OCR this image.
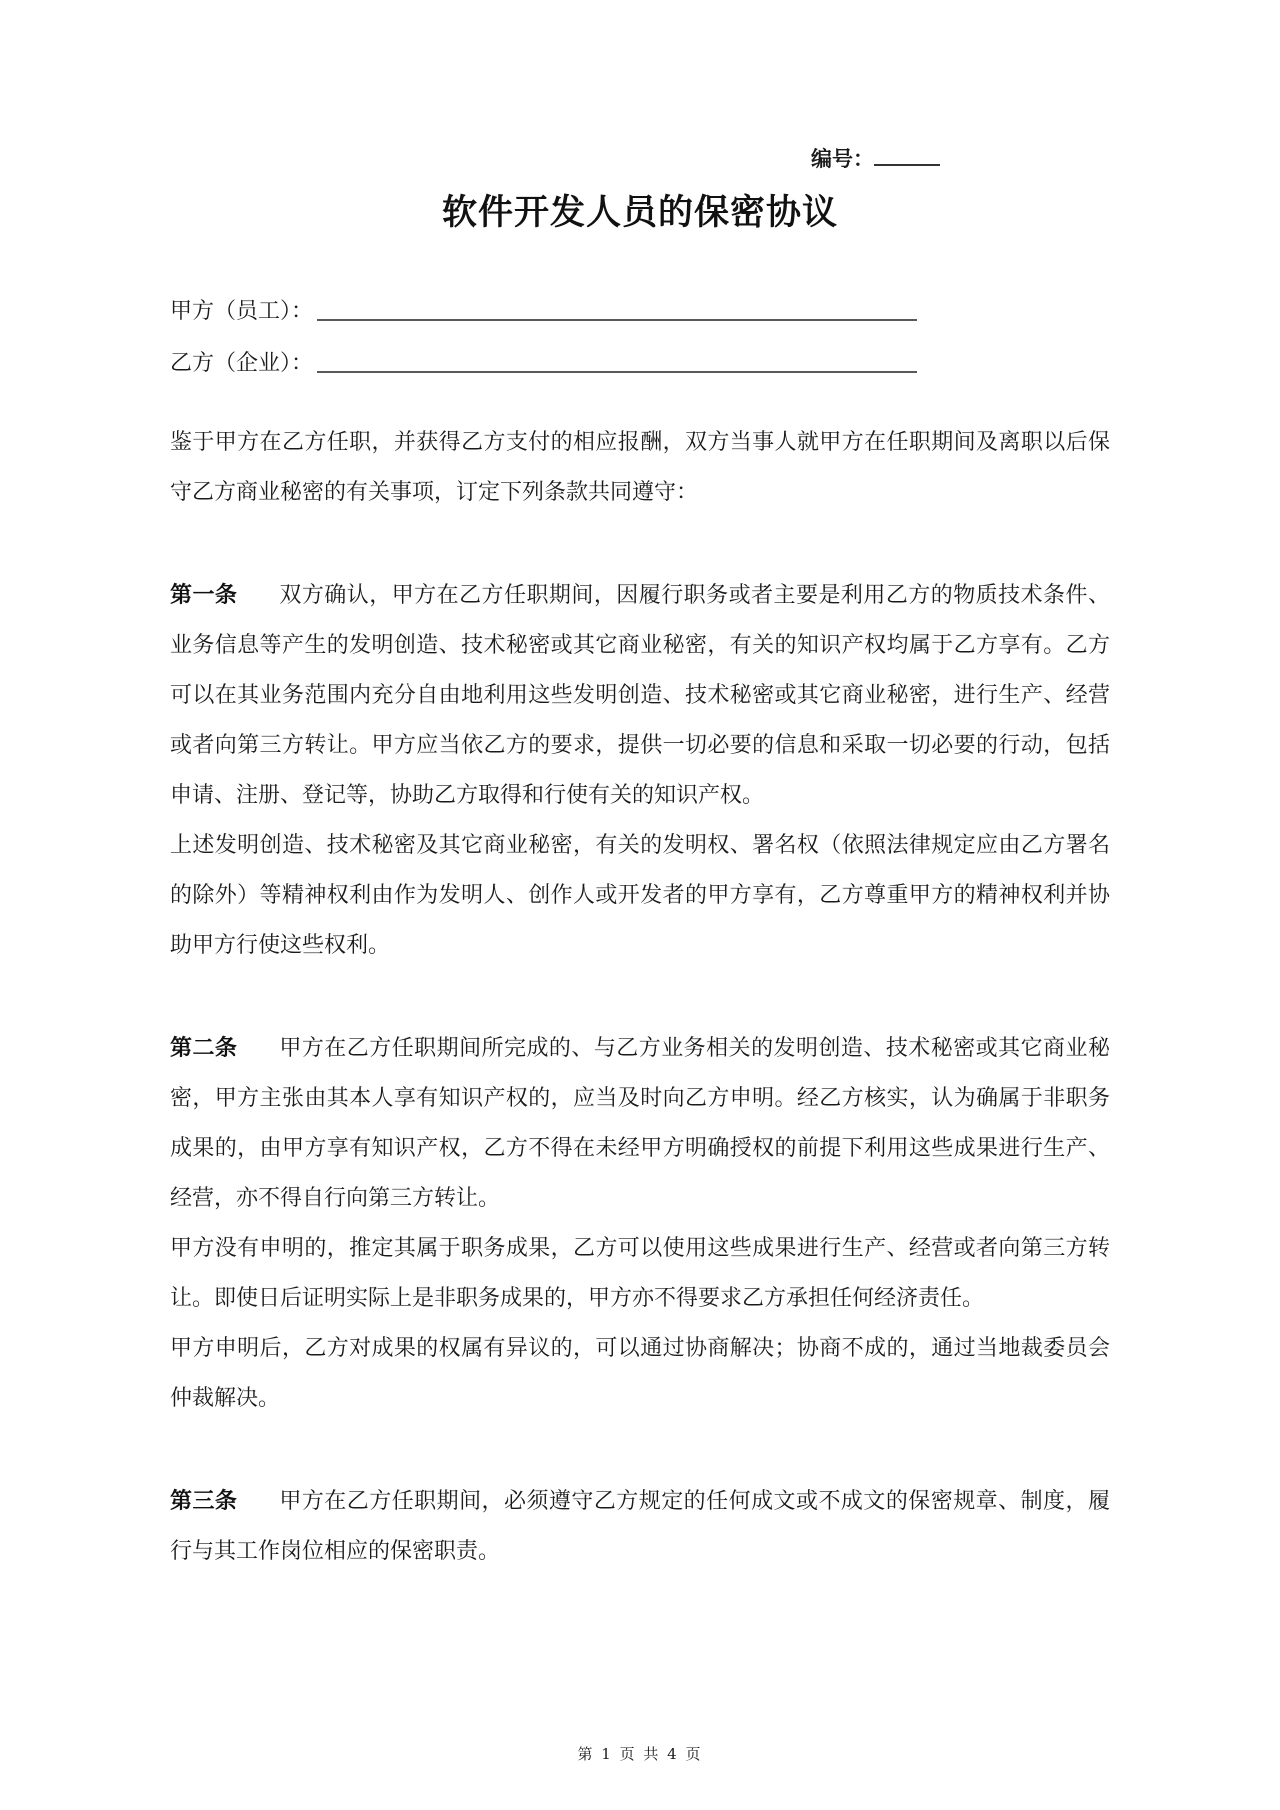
编号：
软件开发人员的保密协议
甲方（员工）：
乙方（企业）：

鉴于甲方在乙方任职，并获得乙方支付的相应报酬，双方当事人就甲方在任职期间及离职以后保守乙方商业秘密的有关事项，订定下列条款共同遵守：

第一条 双方确认，甲方在乙方任职期间，因履行职务或者主要是利用乙方的物质技术条件、业务信息等产生的发明创造、技术秘密或其它商业秘密，有关的知识产权均属于乙方享有。乙方可以在其业务范围内充分自由地利用这些发明创造、技术秘密或其它商业秘密，进行生产、经营或者向第三方转让。甲方应当依乙方的要求，提供一切必要的信息和采取一切必要的行动，包括申请、注册、登记等，协助乙方取得和行使有关的知识产权。

上述发明创造、技术秘密及其它商业秘密，有关的发明权、署名权（依照法律规定应由乙方署名的除外）等精神权利由作为发明人、创作人或开发者的甲方享有，乙方尊重甲方的精神权利并协助甲方行使这些权利。

第二条 甲方在乙方任职期间所完成的、与乙方业务相关的发明创造、技术秘密或其它商业秘密，甲方主张由其本人享有知识产权的，应当及时向乙方申明。经乙方核实，认为确属于非职务成果的，由甲方享有知识产权，乙方不得在未经甲方明确授权的前提下利用这些成果进行生产、经营，亦不得自行向第三方转让。

甲方没有申明的，推定其属于职务成果，乙方可以使用这些成果进行生产、经营或者向第三方转让。即使日后证明实际上是非职务成果的，甲方亦不得要求乙方承担任何经济责任。

甲方申明后，乙方对成果的权属有异议的，可以通过协商解决；协商不成的，通过当地裁委员会仲裁解决。

第三条 甲方在乙方任职期间，必须遵守乙方规定的任何成文或不成文的保密规章、制度，履行与其工作岗位相应的保密职责。

第 1 页 共 4 页
